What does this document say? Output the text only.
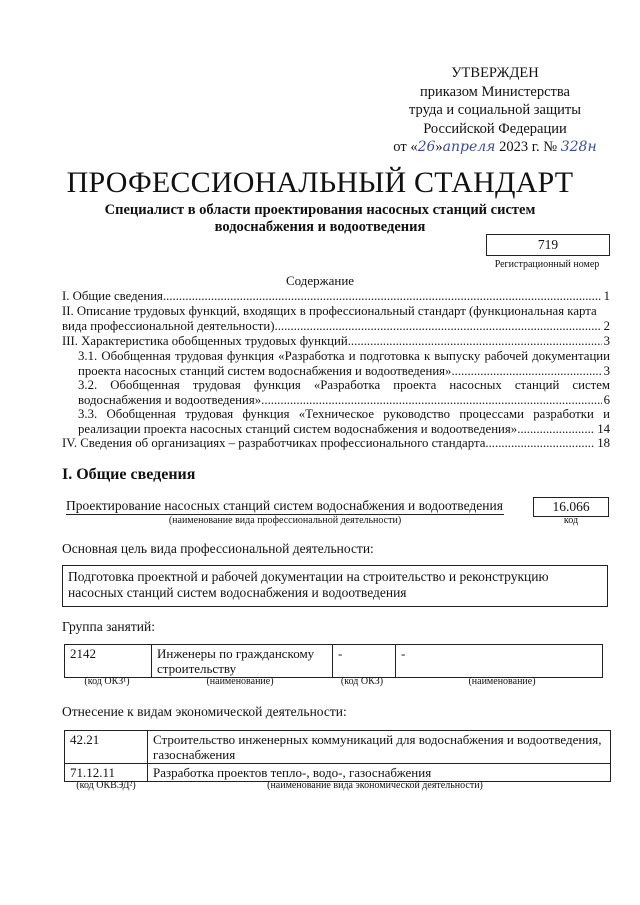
УТВЕРЖДЕН
приказом Министерства
труда и социальной защиты
Российской Федерации
от «26»апреля 2023 г. № 328н
ПРОФЕССИОНАЛЬНЫЙ СТАНДАРТ
Специалист в области проектирования насосных станций систем
водоснабжения и водоотведения
719
Регистрационный номер
Содержание
I. Общие сведения .....	1
II. Описание трудовых функций, входящих в профессиональный стандарт (функциональная карта
вида профессиональной деятельности) .....	2
III. Характеристика обобщенных трудовых функций .....	3
3.1. Обобщенная трудовая функция «Разработка и подготовка к выпуску рабочей документации
проекта насосных станций систем водоснабжения и водоотведения» .....	3
3.2. Обобщенная трудовая функция «Разработка проекта насосных станций систем
водоснабжения и водоотведения» .....	6
3.3. Обобщенная трудовая функция «Техническое руководство процессами разработки и
реализации проекта насосных станций систем водоснабжения и водоотведения» .....	14
IV. Сведения об организациях – разработчиках профессионального стандарта .....	18
I. Общие сведения
Проектирование насосных станций систем водоснабжения и водоотведения
(наименование вида профессиональной деятельности)
16.066
код
Основная цель вида профессиональной деятельности:
Подготовка проектной и рабочей документации на строительство и реконструкцию насосных станций систем водоснабжения и водоотведения
Группа занятий:
2142	Инженеры по гражданскому строительству	-	-
(код ОКЗ¹)	(наименование)	(код ОКЗ)	(наименование)
Отнесение к видам экономической деятельности:
42.21	Строительство инженерных коммуникаций для водоснабжения и водоотведения, газоснабжения
71.12.11	Разработка проектов тепло-, водо-, газоснабжения
(код ОКВЭД²)	(наименование вида экономической деятельности)
